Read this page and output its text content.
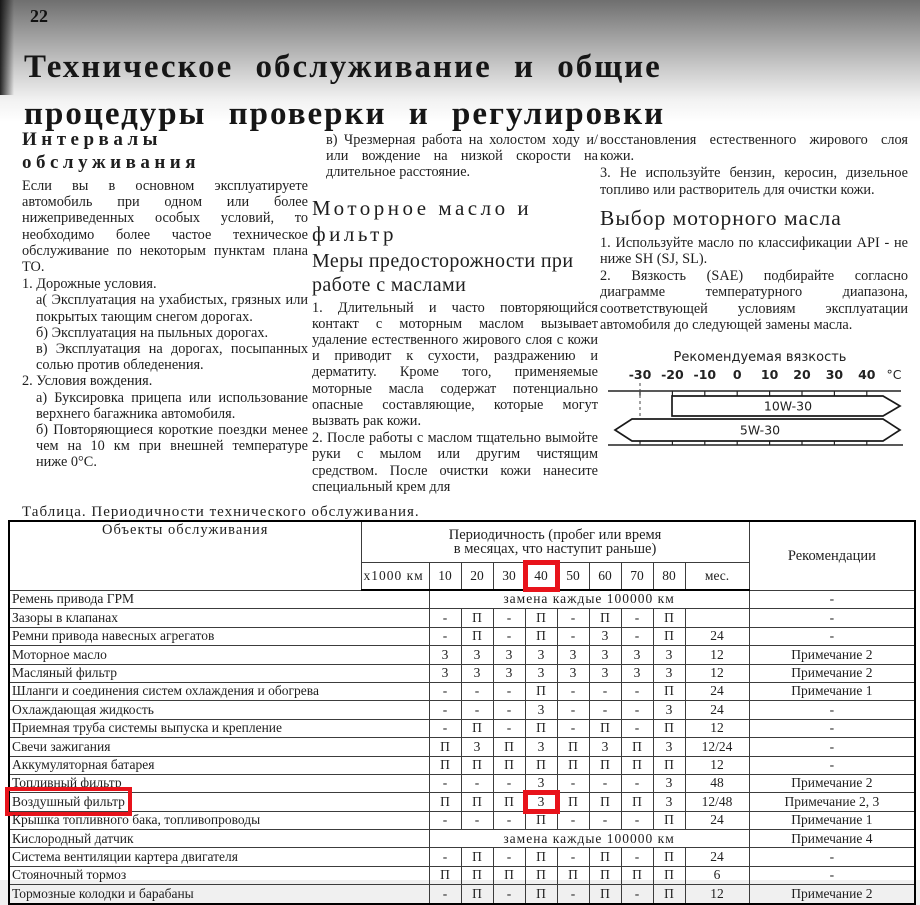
22
Техническое обслуживание и общие
процедуры проверки и регулировки
Интервалы
обслуживания

Если вы в основном эксплуатируете автомобиль при одном или более нижеприведенных особых условий, то необходимо более частое техническое обслуживание по некоторым пунктам плана ТО.

1. Дорожные условия.

а( Эксплуатация на ухабистых, грязных или покрытых тающим снегом дорогах.

б) Эксплуатация на пыльных дорогах.

в) Эксплуатация на дорогах, посыпанных солью против обледенения.

2. Условия вождения.

а) Буксировка прицепа или использование верхнего багажника автомобиля.

б) Повторяющиеся короткие поездки менее чем на 10 км при внешней температуре ниже 0°С.

в) Чрезмерная работа на холостом ходу и/или вождение на низкой скорости на длительное расстояние.

Моторное масло и фильтр
Меры предосторожности при работе с маслами

1. Длительный и часто повторяющийся контакт с моторным маслом вызывает удаление естественного жирового слоя с кожи и приводит к сухости, раздражению и дерматиту. Кроме того, применяемые моторные масла содержат потенциально опасные составляющие, которые могут вызвать рак кожи.

2. После работы с маслом тщательно вымойте руки с мылом или другим чистящим средством. После очистки кожи нанесите специальный крем для

восстановления естественного жирового слоя кожи.

3. Не используйте бензин, керосин, дизельное топливо или растворитель для очистки кожи.

Выбор моторного масла

1. Используйте масло по классификации API - не ниже SH (SJ, SL).

2. Вязкость (SAE) подбирайте согласно диаграмме температурного диапазона, соответствующей условиям эксплуатации автомобиля до следующей замены масла.

Рекомендуемая вязкость
-30 -20 -10 0 10 20 30 40 °C
10W-30
5W-30
Таблица. Периодичности технического обслуживания.
Объекты обслуживания	Периодичность (пробег или время
в месяцах, что наступит раньше)										Рекомендации
	х1000 км	10	20	30	40	50	60	70	80	мес.	
Ремень привода ГРМ		замена каждые 100000 км									-
Зазоры в клапанах		-	П	-	П	-	П	-	П		-
Ремни привода навесных агрегатов		-	П	-	П	-	3	-	П	24	-
Моторное масло		3	3	3	3	3	3	3	3	12	Примечание 2
Масляный фильтр		3	3	3	3	3	3	3	3	12	Примечание 2
Шланги и соединения систем охлаждения и обогрева		-	-	-	П	-	-	-	П	24	Примечание 1
Охлаждающая жидкость		-	-	-	3	-	-	-	3	24	-
Приемная труба системы выпуска и крепление		-	П	-	П	-	П	-	П	12	-
Свечи зажигания		П	3	П	3	П	3	П	3	12/24	-
Аккумуляторная батарея		П	П	П	П	П	П	П	П	12	-
Топливный фильтр		-	-	-	3	-	-	-	3	48	Примечание 2
Воздушный фильтр		П	П	П	3	П	П	П	3	12/48	Примечание 2, 3
Крышка топливного бака, топливопроводы		-	-	-	П	-	-	-	П	24	Примечание 1
Кислородный датчик		замена каждые 100000 км									Примечание 4
Система вентиляции картера двигателя		-	П	-	П	-	П	-	П	24	-
Стояночный тормоз		П	П	П	П	П	П	П	П	6	-
Тормозные колодки и барабаны		-	П	-	П	-	П	-	П	12	Примечание 2
